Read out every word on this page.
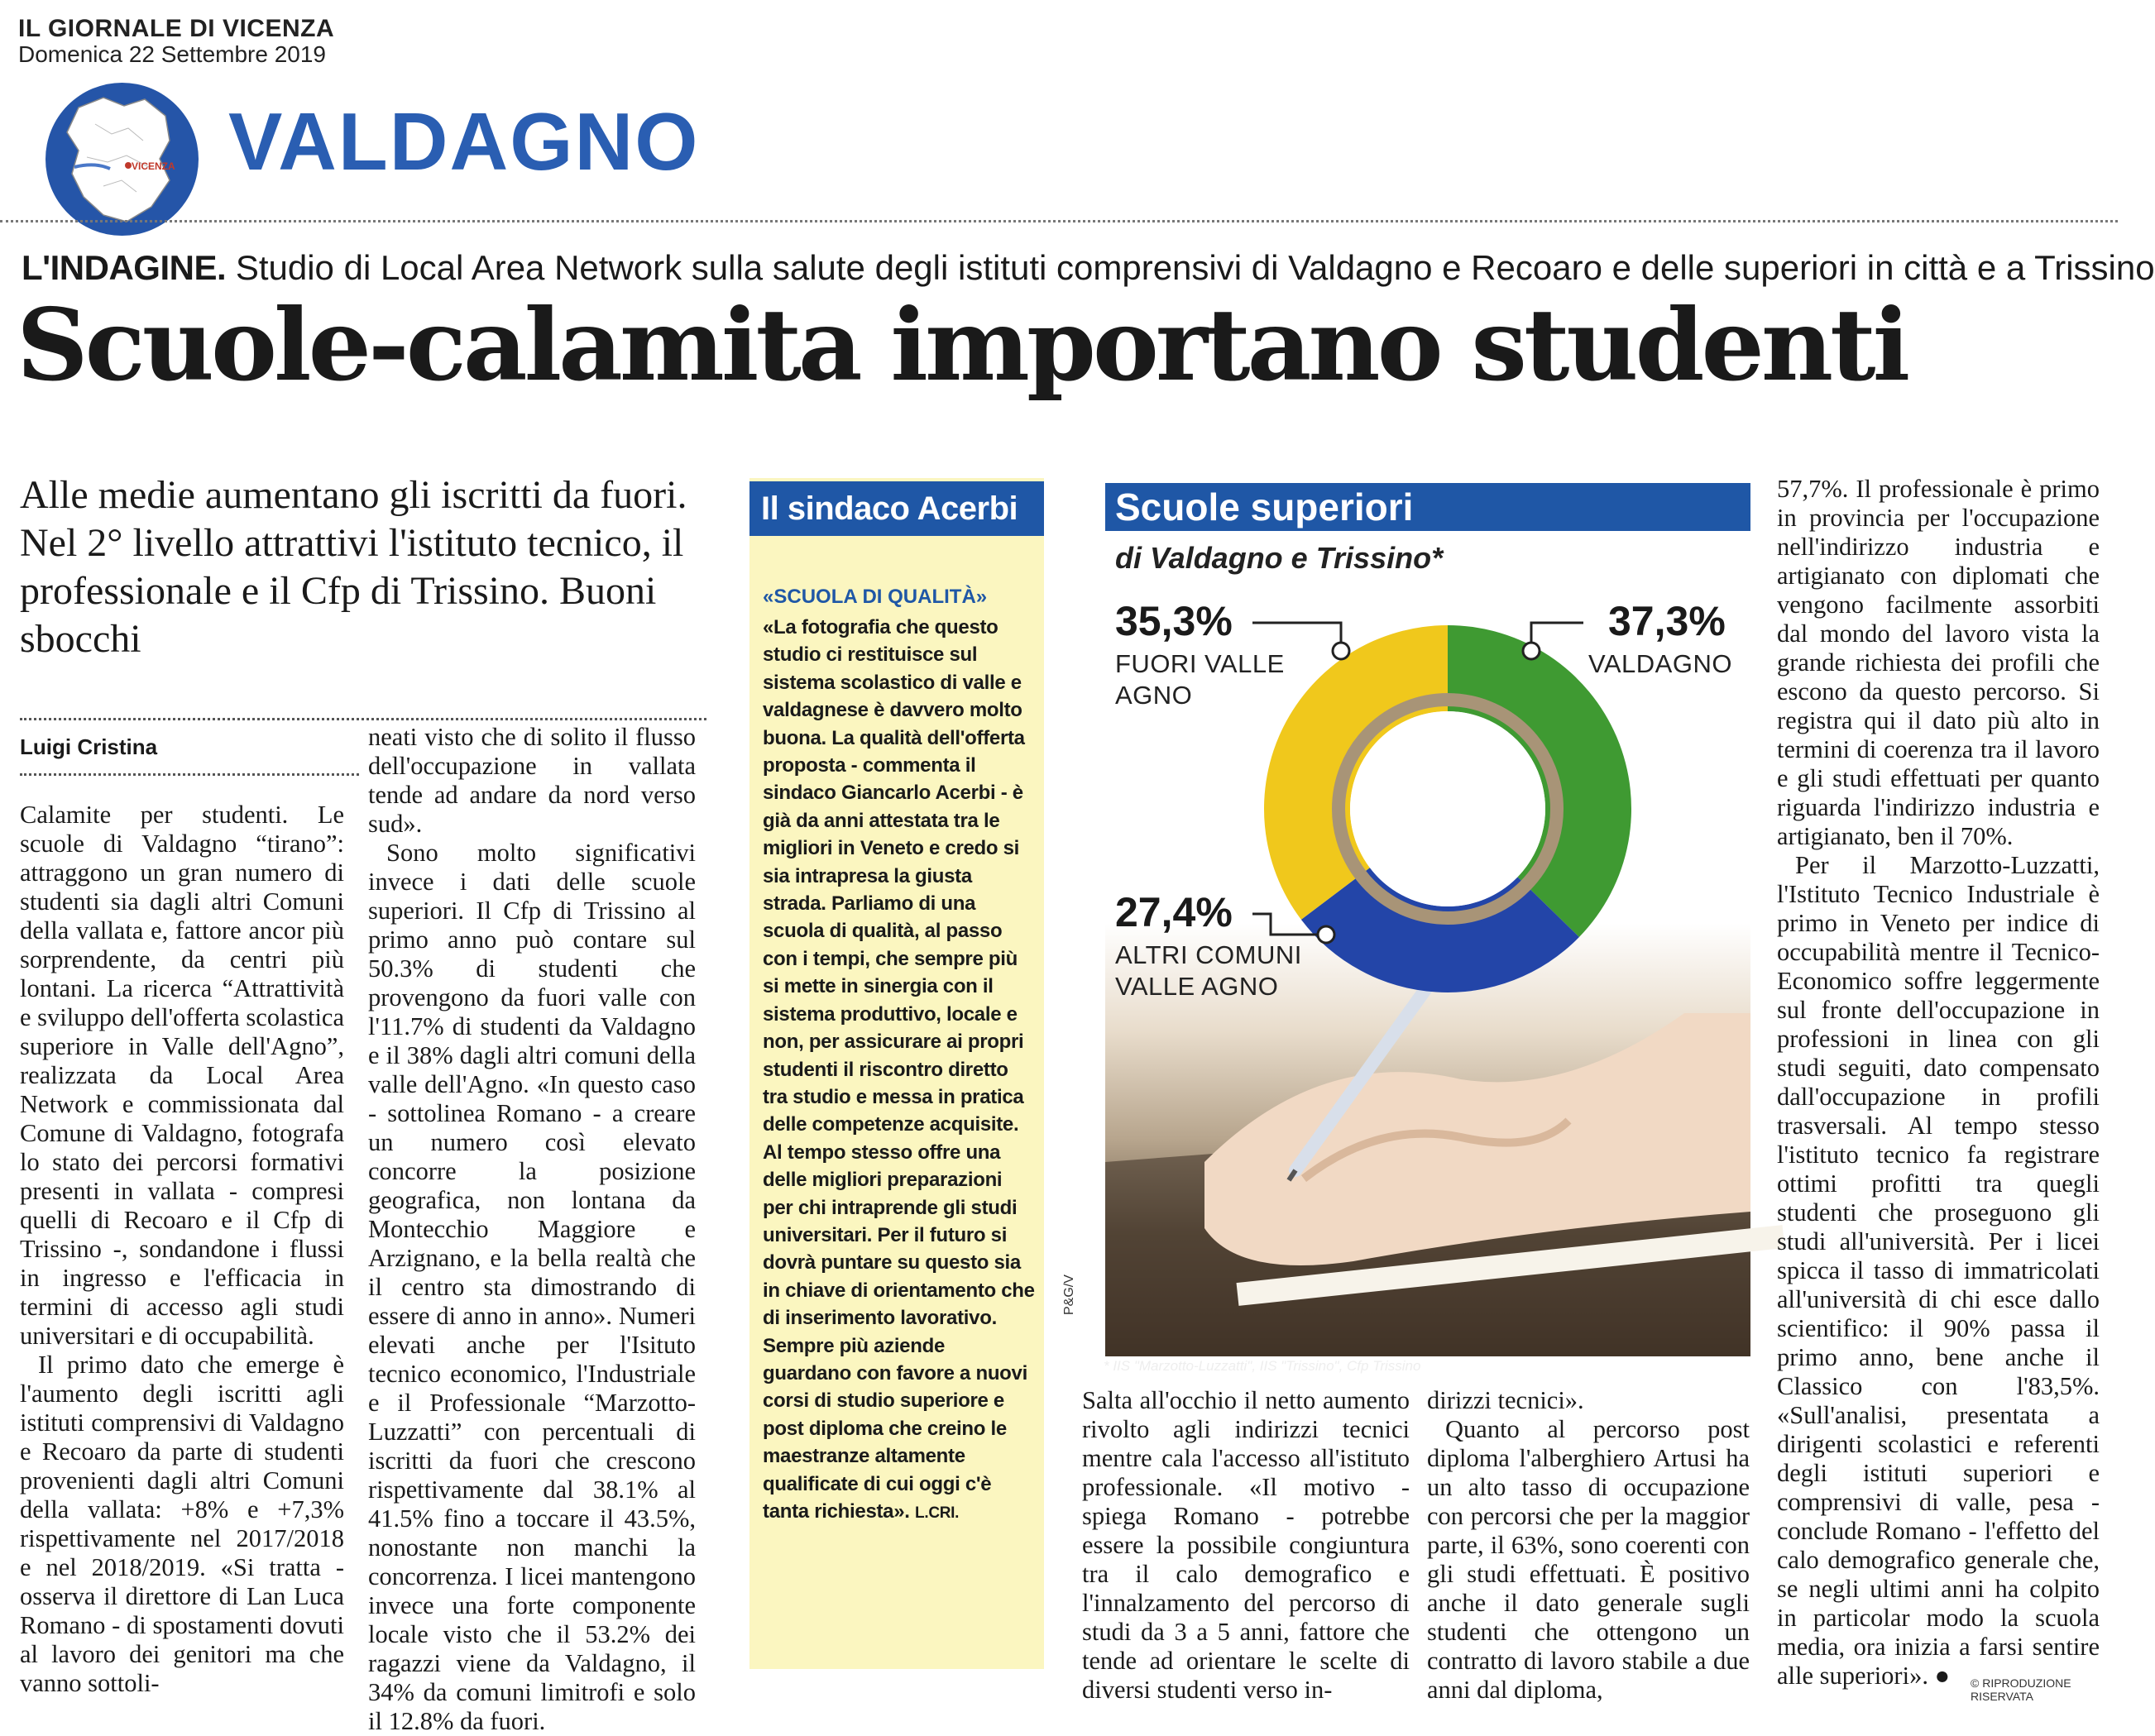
IL GIORNALE DI VICENZA
Domenica 22 Settembre 2019
VICENZA VALDAGNO
L'INDAGINE. Studio di Local Area Network sulla salute degli istituti comprensivi di Valdagno e Recoaro e delle superiori in città e a Trissino
Scuole-calamita importano studenti
Alle medie aumentano gli iscritti da fuori. Nel 2° livello attrattivi l'istituto tecnico, il professionale e il Cfp di Trissino. Buoni sbocchi
Luigi Cristina

Calamite per studenti. Le scuole di Valdagno “tirano”: attraggono un gran numero di studenti sia dagli altri Comuni della vallata e, fattore ancor più sorprendente, da centri più lontani. La ricerca “Attrattività e sviluppo dell'offerta scolastica superiore in Valle dell'Agno”, realizzata da Local Area Network e commissionata dal Comune di Valdagno, fotografa lo stato dei percorsi formativi presenti in vallata - compresi quelli di Recoaro e il Cfp di Trissino -, sondandone i flussi in ingresso e l'efficacia in termini di accesso agli studi universitari e di occupabilità.

Il primo dato che emerge è l'aumento degli iscritti agli istituti comprensivi di Valdagno e Recoaro da parte di studenti provenienti dagli altri Comuni della vallata: +8% e +7,3% rispettivamente nel 2017/2018 e nel 2018/2019. «Si tratta - osserva il direttore di Lan Luca Romano - di spostamenti dovuti al lavoro dei genitori ma che vanno sottoli-

neati visto che di solito il flusso dell'occupazione in vallata tende ad andare da nord verso sud».

Sono molto significativi invece i dati delle scuole superiori. Il Cfp di Trissino al primo anno può contare sul 50.3% di studenti che provengono da fuori valle con l'11.7% di studenti da Valdagno e il 38% dagli altri comuni della valle dell'Agno. «In questo caso - sottolinea Romano - a creare un numero così elevato concorre la posizione geografica, non lontana da Montecchio Maggiore e Arzignano, e la bella realtà che il centro sta dimostrando di essere di anno in anno». Numeri elevati anche per l'Isituto tecnico economico, l'Industriale e il Professionale “Marzotto-Luzzatti” con percentuali di iscritti da fuori che crescono rispettivamente dal 38.1% al 41.5% fino a toccare il 43.5%, nonostante non manchi la concorrenza. I licei mantengono invece una forte componente locale visto che il 53.2% dei ragazzi viene da Valdagno, il 34% da comuni limitrofi e solo il 12.8% da fuori.

Il sindaco Acerbi
«SCUOLA DI QUALITÀ»
«La fotografia che questo studio ci restituisce sul sistema scolastico di valle e valdagnese è davvero molto buona. La qualità dell'offerta proposta - commenta il sindaco Giancarlo Acerbi - è già da anni attestata tra le migliori in Veneto e credo si sia intrapresa la giusta strada. Parliamo di una scuola di qualità, al passo con i tempi, che sempre più si mette in sinergia con il sistema produttivo, locale e non, per assicurare ai propri studenti il riscontro diretto tra studio e messa in pratica delle competenze acquisite. Al tempo stesso offre una delle migliori preparazioni per chi intraprende gli studi universitari. Per il futuro si dovrà puntare su questo sia in chiave di orientamento che di inserimento lavorativo. Sempre più aziende guardano con favore a nuovi corsi di studio superiore e post diploma che creino le maestranze altamente qualificate di cui oggi c'è tanta richiesta». L.CRI.
Scuole superiori
di Valdagno e Trissino*
35,3%
FUORI VALLE
AGNO
37,3%
VALDAGNO
27,4%
ALTRI COMUNI
VALLE AGNO
* IIS "Marzotto-Luzzatti", IIS "Trissino", Cfp Trissino
P&G/V

Salta all'occhio il netto aumento rivolto agli indirizzi tecnici mentre cala l'accesso all'istituto professionale. «Il motivo - spiega Romano - potrebbe essere la possibile congiuntura tra il calo demografico e l'innalzamento del percorso di studi da 3 a 5 anni, fattore che tende ad orientare le scelte di diversi studenti verso in-

dirizzi tecnici».

Quanto al percorso post diploma l'alberghiero Artusi ha un alto tasso di occupazione con percorsi che per la maggior parte, il 63%, sono coerenti con gli studi effettuati. È positivo anche il dato generale sugli studenti che ottengono un contratto di lavoro stabile a due anni dal diploma,

57,7%. Il professionale è primo in provincia per l'occupazione nell'indirizzo industria e artigianato con diplomati che vengono facilmente assorbiti dal mondo del lavoro vista la grande richiesta dei profili che escono da questo percorso. Si registra qui il dato più alto in termini di coerenza tra il lavoro e gli studi effettuati per quanto riguarda l'indirizzo industria e artigianato, ben il 70%.

Per il Marzotto-Luzzatti, l'Istituto Tecnico Industriale è primo in Veneto per indice di occupabilità mentre il Tecnico-Economico soffre leggermente sul fronte dell'occupazione in professioni in linea con gli studi seguiti, dato compensato dall'occupazione in profili trasversali. Al tempo stesso l'istituto tecnico fa registrare ottimi profitti tra quegli studenti che proseguono gli studi all'università. Per i licei spicca il tasso di immatricolati all'università di chi esce dallo scientifico: il 90% passa il primo anno, bene anche il Classico con l'83,5%. «Sull'analisi, presentata a dirigenti scolastici e referenti degli istituti superiori e comprensivi di valle, pesa - conclude Romano - l'effetto del calo demografico generale che, se negli ultimi anni ha colpito in particolar modo la scuola media, ora inizia a farsi sentire alle superiori». ●	© RIPRODUZIONE RISERVATA
